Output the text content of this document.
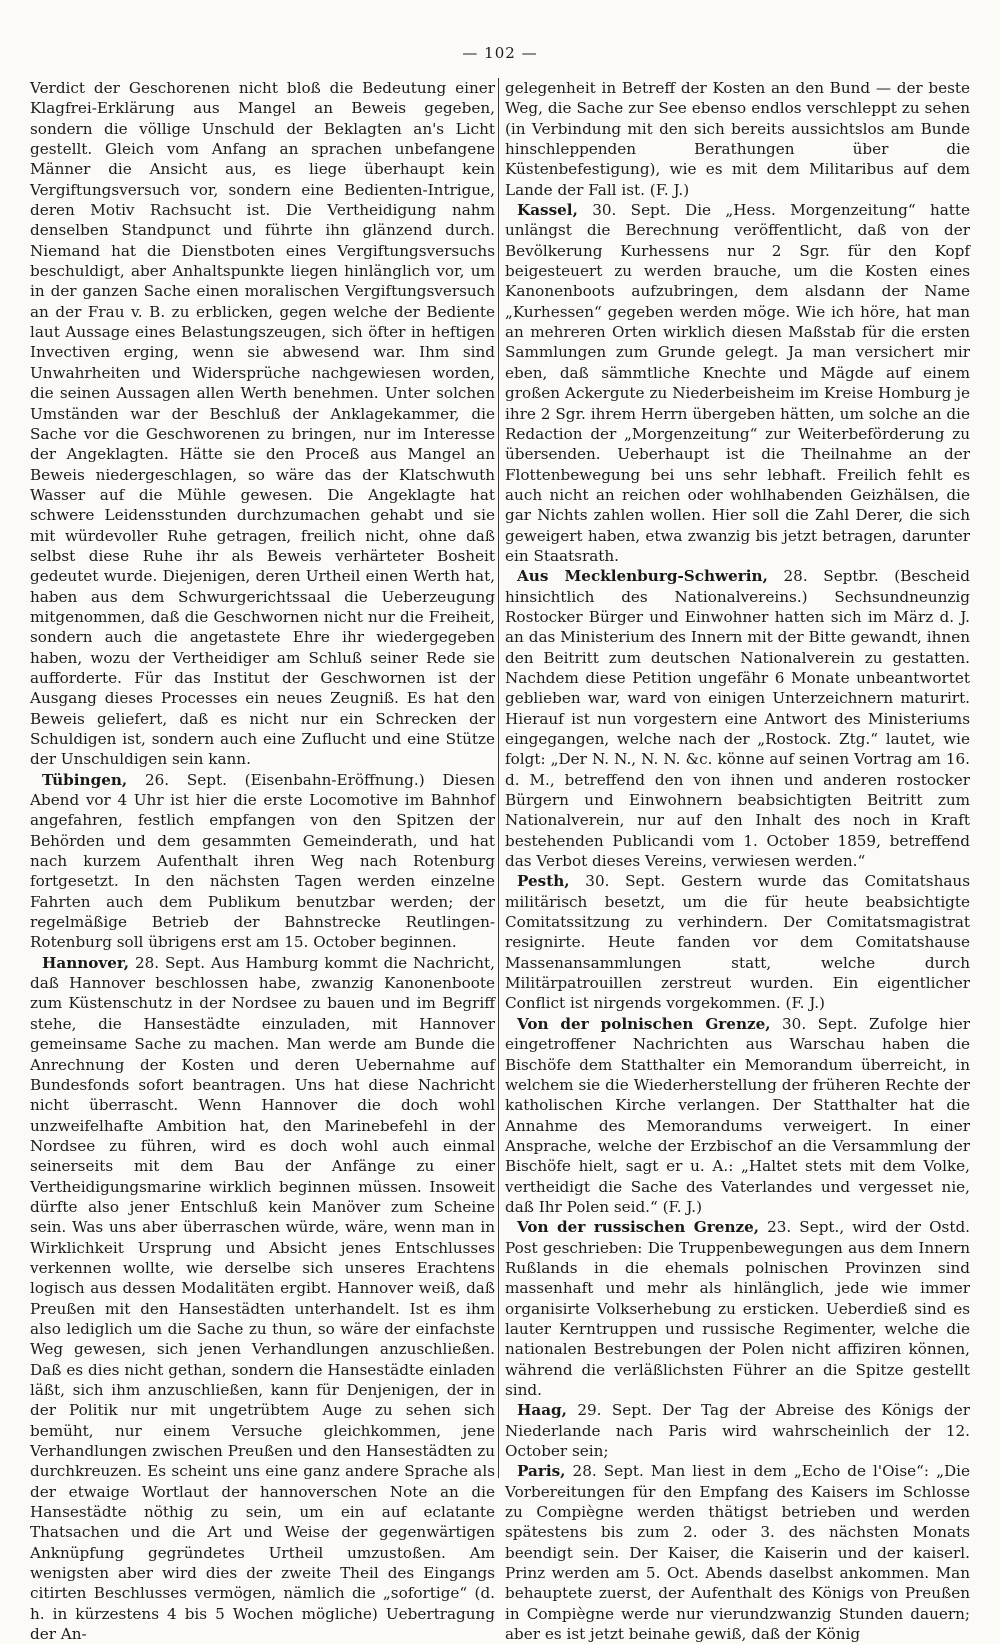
— 102 —

Verdict der Geschorenen nicht bloß die Bedeutung einer Klagfrei-Erklärung aus Mangel an Beweis gegeben, sondern die völlige Unschuld der Beklagten an's Licht gestellt. Gleich vom Anfang an sprachen unbefangene Männer die Ansicht aus, es liege überhaupt kein Vergiftungsversuch vor, sondern eine Bedienten-Intrigue, deren Motiv Rachsucht ist. Die Vertheidigung nahm denselben Standpunct und führte ihn glänzend durch. Niemand hat die Dienstboten eines Vergiftungsversuchs beschuldigt, aber Anhaltspunkte liegen hinlänglich vor, um in der ganzen Sache einen moralischen Vergiftungsversuch an der Frau v. B. zu erblicken, gegen welche der Bediente laut Aussage eines Belastungszeugen, sich öfter in heftigen Invectiven erging, wenn sie abwesend war. Ihm sind Unwahrheiten und Widersprüche nachgewiesen worden, die seinen Aussagen allen Werth benehmen. Unter solchen Umständen war der Beschluß der Anklagekammer, die Sache vor die Geschworenen zu bringen, nur im Interesse der Angeklagten. Hätte sie den Proceß aus Mangel an Beweis niedergeschlagen, so wäre das der Klatschwuth Wasser auf die Mühle gewesen. Die Angeklagte hat schwere Leidensstunden durchzumachen gehabt und sie mit würdevoller Ruhe getragen, freilich nicht, ohne daß selbst diese Ruhe ihr als Beweis verhärteter Bosheit gedeutet wurde. Diejenigen, deren Urtheil einen Werth hat, haben aus dem Schwurgerichtssaal die Ueberzeugung mitgenommen, daß die Geschwornen nicht nur die Freiheit, sondern auch die angetastete Ehre ihr wiedergegeben haben, wozu der Vertheidiger am Schluß seiner Rede sie aufforderte. Für das Institut der Geschwornen ist der Ausgang dieses Processes ein neues Zeugniß. Es hat den Beweis geliefert, daß es nicht nur ein Schrecken der Schuldigen ist, sondern auch eine Zuflucht und eine Stütze der Unschuldigen sein kann.

Tübingen, 26. Sept. (Eisenbahn-Eröffnung.) Diesen Abend vor 4 Uhr ist hier die erste Locomotive im Bahnhof angefahren, festlich empfangen von den Spitzen der Behörden und dem gesammten Gemeinderath, und hat nach kurzem Aufenthalt ihren Weg nach Rotenburg fortgesetzt. In den nächsten Tagen werden einzelne Fahrten auch dem Publikum benutzbar werden; der regelmäßige Betrieb der Bahnstrecke Reutlingen-Rotenburg soll übrigens erst am 15. October beginnen.

Hannover, 28. Sept. Aus Hamburg kommt die Nachricht, daß Hannover beschlossen habe, zwanzig Kanonenboote zum Küstenschutz in der Nordsee zu bauen und im Begriff stehe, die Hansestädte einzuladen, mit Hannover gemeinsame Sache zu machen. Man werde am Bunde die Anrechnung der Kosten und deren Uebernahme auf Bundesfonds sofort beantragen. Uns hat diese Nachricht nicht überrascht. Wenn Hannover die doch wohl unzweifelhafte Ambition hat, den Marinebefehl in der Nordsee zu führen, wird es doch wohl auch einmal seinerseits mit dem Bau der Anfänge zu einer Vertheidigungsmarine wirklich beginnen müssen. Insoweit dürfte also jener Entschluß kein Manöver zum Scheine sein. Was uns aber überraschen würde, wäre, wenn man in Wirklichkeit Ursprung und Absicht jenes Entschlusses verkennen wollte, wie derselbe sich unseres Erachtens logisch aus dessen Modalitäten ergibt. Hannover weiß, daß Preußen mit den Hansestädten unterhandelt. Ist es ihm also lediglich um die Sache zu thun, so wäre der einfachste Weg gewesen, sich jenen Verhandlungen anzuschließen. Daß es dies nicht gethan, sondern die Hansestädte einladen läßt, sich ihm anzuschließen, kann für Denjenigen, der in der Politik nur mit ungetrübtem Auge zu sehen sich bemüht, nur einem Versuche gleichkommen, jene Verhandlungen zwischen Preußen und den Hansestädten zu durchkreuzen. Es scheint uns eine ganz andere Sprache als der etwaige Wortlaut der hannoverschen Note an die Hansestädte nöthig zu sein, um ein auf eclatante Thatsachen und die Art und Weise der gegenwärtigen Anknüpfung gegründetes Urtheil umzustoßen. Am wenigsten aber wird dies der zweite Theil des Eingangs citirten Beschlusses vermögen, nämlich die „sofortige“ (d. h. in kürzestens 4 bis 5 Wochen mögliche) Uebertragung der An-

gelegenheit in Betreff der Kosten an den Bund — der beste Weg, die Sache zur See ebenso endlos verschleppt zu sehen (in Verbindung mit den sich bereits aussichtslos am Bunde hinschleppenden Berathungen über die Küstenbefestigung), wie es mit dem Militaribus auf dem Lande der Fall ist. (F. J.)

Kassel, 30. Sept. Die „Hess. Morgenzeitung“ hatte unlängst die Berechnung veröffentlicht, daß von der Bevölkerung Kurhessens nur 2 Sgr. für den Kopf beigesteuert zu werden brauche, um die Kosten eines Kanonenboots aufzubringen, dem alsdann der Name „Kurhessen“ gegeben werden möge. Wie ich höre, hat man an mehreren Orten wirklich diesen Maßstab für die ersten Sammlungen zum Grunde gelegt. Ja man versichert mir eben, daß sämmtliche Knechte und Mägde auf einem großen Ackergute zu Niederbeisheim im Kreise Homburg je ihre 2 Sgr. ihrem Herrn übergeben hätten, um solche an die Redaction der „Morgenzeitung“ zur Weiterbeförderung zu übersenden. Ueberhaupt ist die Theilnahme an der Flottenbewegung bei uns sehr lebhaft. Freilich fehlt es auch nicht an reichen oder wohlhabenden Geizhälsen, die gar Nichts zahlen wollen. Hier soll die Zahl Derer, die sich geweigert haben, etwa zwanzig bis jetzt betragen, darunter ein Staatsrath.

Aus Mecklenburg-Schwerin, 28. Septbr. (Bescheid hinsichtlich des Nationalvereins.) Sechsundneunzig Rostocker Bürger und Einwohner hatten sich im März d. J. an das Ministerium des Innern mit der Bitte gewandt, ihnen den Beitritt zum deutschen Nationalverein zu gestatten. Nachdem diese Petition ungefähr 6 Monate unbeantwortet geblieben war, ward von einigen Unterzeichnern maturirt. Hierauf ist nun vorgestern eine Antwort des Ministeriums eingegangen, welche nach der „Rostock. Ztg.“ lautet, wie folgt: „Der N. N., N. N. &c. könne auf seinen Vortrag am 16. d. M., betreffend den von ihnen und anderen rostocker Bürgern und Einwohnern beabsichtigten Beitritt zum Nationalverein, nur auf den Inhalt des noch in Kraft bestehenden Publicandi vom 1. October 1859, betreffend das Verbot dieses Vereins, verwiesen werden.“

Pesth, 30. Sept. Gestern wurde das Comitatshaus militärisch besetzt, um die für heute beabsichtigte Comitatssitzung zu verhindern. Der Comitatsmagistrat resignirte. Heute fanden vor dem Comitatshause Massenansammlungen statt, welche durch Militärpatrouillen zerstreut wurden. Ein eigentlicher Conflict ist nirgends vorgekommen. (F. J.)

Von der polnischen Grenze, 30. Sept. Zufolge hier eingetroffener Nachrichten aus Warschau haben die Bischöfe dem Statthalter ein Memorandum überreicht, in welchem sie die Wiederherstellung der früheren Rechte der katholischen Kirche verlangen. Der Statthalter hat die Annahme des Memorandums verweigert. In einer Ansprache, welche der Erzbischof an die Versammlung der Bischöfe hielt, sagt er u. A.: „Haltet stets mit dem Volke, vertheidigt die Sache des Vaterlandes und vergesset nie, daß Ihr Polen seid.“ (F. J.)

Von der russischen Grenze, 23. Sept., wird der Ostd. Post geschrieben: Die Truppenbewegungen aus dem Innern Rußlands in die ehemals polnischen Provinzen sind massenhaft und mehr als hinlänglich, jede wie immer organisirte Volkserhebung zu ersticken. Ueberdieß sind es lauter Kerntruppen und russische Regimenter, welche die nationalen Bestrebungen der Polen nicht affiziren können, während die verläßlichsten Führer an die Spitze gestellt sind.

Haag, 29. Sept. Der Tag der Abreise des Königs der Niederlande nach Paris wird wahrscheinlich der 12. October sein;

Paris, 28. Sept. Man liest in dem „Echo de l'Oise“: „Die Vorbereitungen für den Empfang des Kaisers im Schlosse zu Compiègne werden thätigst betrieben und werden spätestens bis zum 2. oder 3. des nächsten Monats beendigt sein. Der Kaiser, die Kaiserin und der kaiserl. Prinz werden am 5. Oct. Abends daselbst ankommen. Man behauptete zuerst, der Aufenthalt des Königs von Preußen in Compiègne werde nur vierundzwanzig Stunden dauern; aber es ist jetzt beinahe gewiß, daß der König
